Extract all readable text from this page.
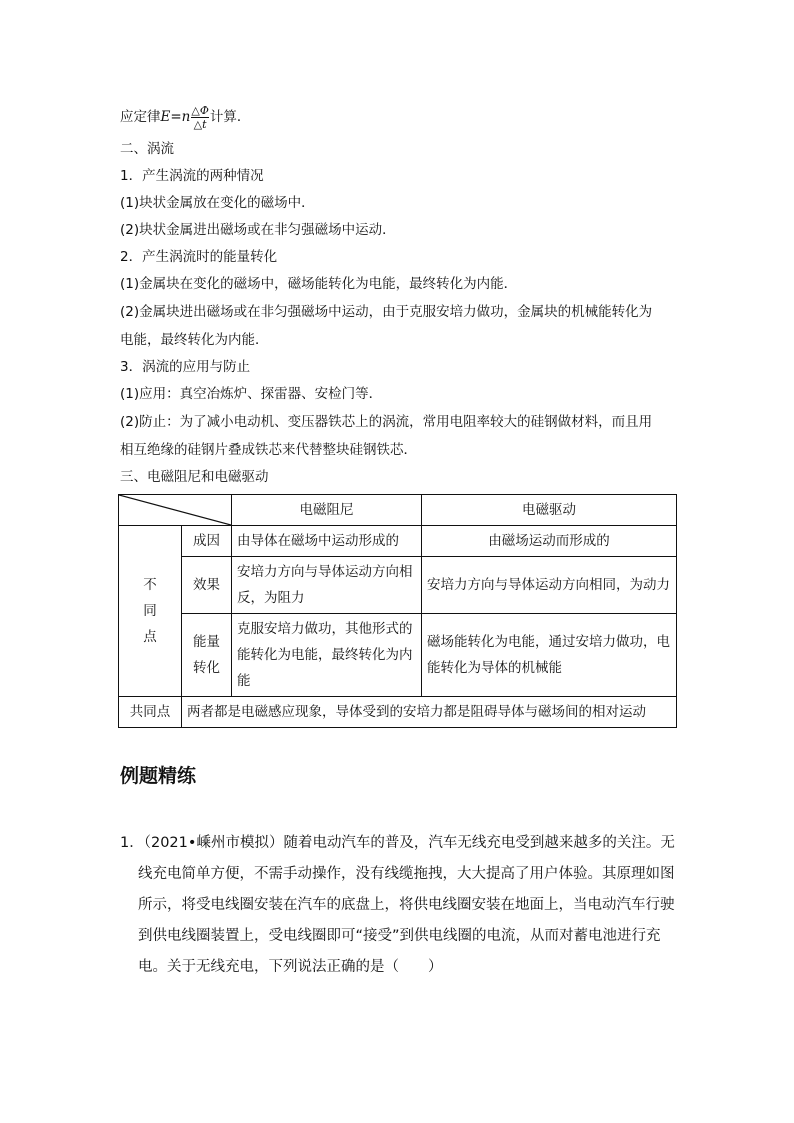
应定律 $E=n \frac{\triangle\Phi}{\triangle t}$ 计算．
二、涡流
1．产生涡流的两种情况
(1)块状金属放在变化的磁场中．
(2)块状金属进出磁场或在非匀强磁场中运动．
2．产生涡流时的能量转化
(1)金属块在变化的磁场中，磁场能转化为电能，最终转化为内能．
(2)金属块进出磁场或在非匀强磁场中运动，由于克服安培力做功，金属块的机械能转化为
电能，最终转化为内能．
3．涡流的应用与防止
(1)应用：真空冶炼炉、探雷器、安检门等．
(2)防止：为了减小电动机、变压器铁芯上的涡流，常用电阻率较大的硅钢做材料，而且用
相互绝缘的硅钢片叠成铁芯来代替整块硅钢铁芯．
三、电磁阻尼和电磁驱动
	电磁阻尼	电磁驱动
不
同
点	成因	由导体在磁场中运动形成的	由磁场运动而形成的
	效果	安培力方向与导体运动方向相反，为阻力	安培力方向与导体运动方向相同，为动力
	能量
转化	克服安培力做功，其他形式的能转化为电能，最终转化为内能	磁场能转化为电能，通过安培力做功，电能转化为导体的机械能
共同点	两者都是电磁感应现象，导体受到的安培力都是阻碍导体与磁场间的相对运动		
例题精练
1．（2021•嵊州市模拟）随着电动汽车的普及，汽车无线充电受到越来越多的关注。无线充电简单方便，不需手动操作，没有线缆拖拽，大大提高了用户体验。其原理如图所示，将受电线圈安装在汽车的底盘上，将供电线圈安装在地面上，当电动汽车行驶到供电线圈装置上，受电线圈即可“接受”到供电线圈的电流，从而对蓄电池进行充电。关于无线充电，下列说法正确的是（　　）
